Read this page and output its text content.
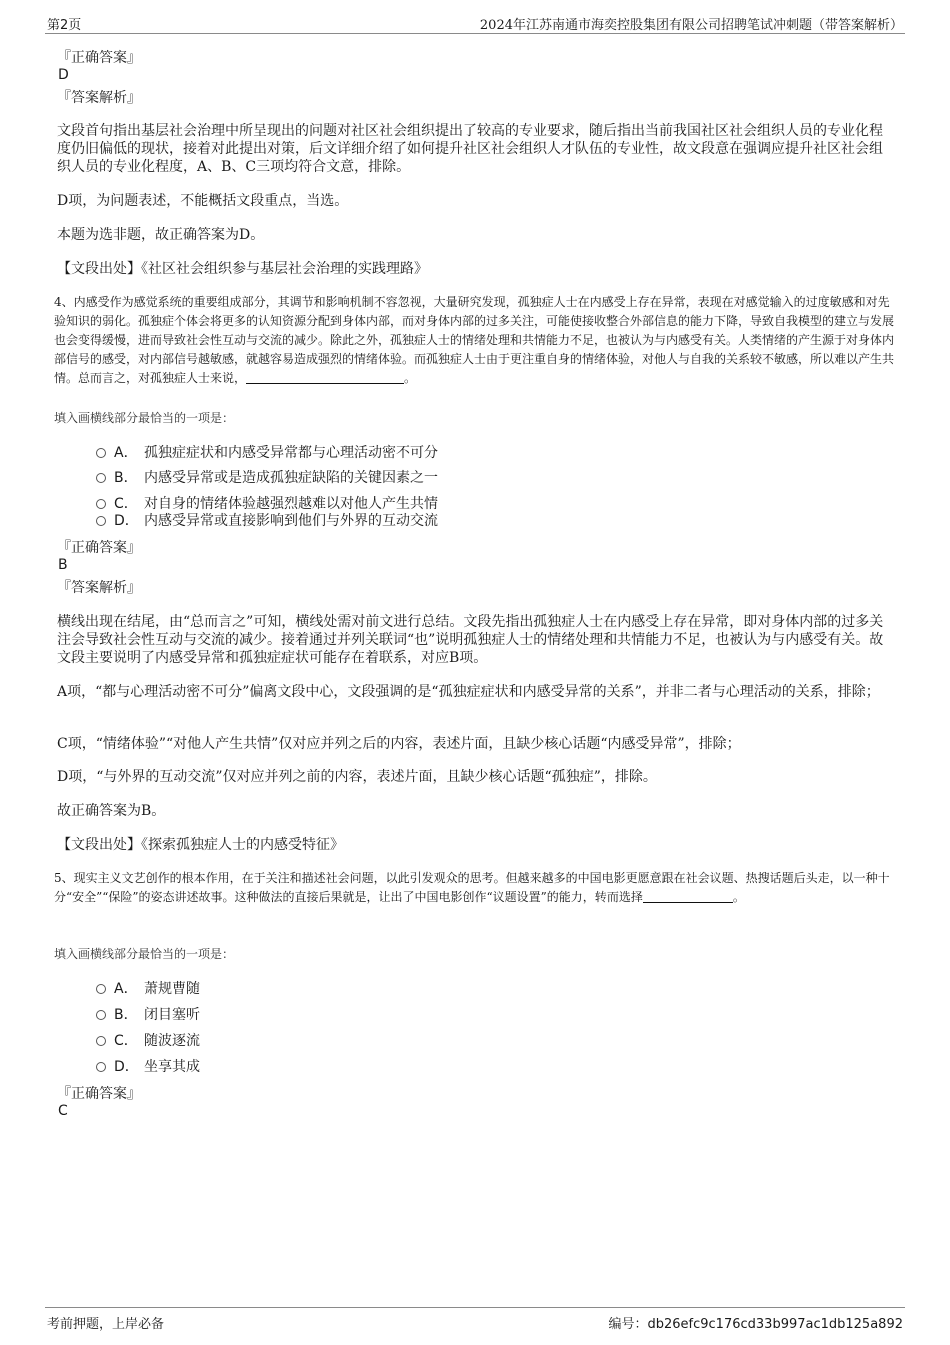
第2页	2024年江苏南通市海奕控股集团有限公司招聘笔试冲刺题（带答案解析）
『正确答案』
D
『答案解析』
文段首句指出基层社会治理中所呈现出的问题对社区社会组织提出了较高的专业要求，随后指出当前我国社区社会组织人员的专业化程度仍旧偏低的现状，接着对此提出对策，后文详细介绍了如何提升社区社会组织人才队伍的专业性，故文段意在强调应提升社区社会组织人员的专业化程度，A、B、C三项均符合文意，排除。
D项，为问题表述，不能概括文段重点，当选。
本题为选非题，故正确答案为D。
【文段出处】《社区社会组织参与基层社会治理的实践理路》
4、内感受作为感觉系统的重要组成部分，其调节和影响机制不容忽视，大量研究发现，孤独症人士在内感受上存在异常，表现在对感觉输入的过度敏感和对先验知识的弱化。孤独症个体会将更多的认知资源分配到身体内部，而对身体内部的过多关注，可能使接收整合外部信息的能力下降，导致自我模型的建立与发展也会变得缓慢，进而导致社会性互动与交流的减少。除此之外，孤独症人士的情绪处理和共情能力不足，也被认为与内感受有关。人类情绪的产生源于对身体内部信号的感受，对内部信号越敏感，就越容易造成强烈的情绪体验。而孤独症人士由于更注重自身的情绪体验，对他人与自我的关系较不敏感，所以难以产生共情。总而言之，对孤独症人士来说，	。
填入画横线部分最恰当的一项是：
A． 孤独症症状和内感受异常都与心理活动密不可分
B． 内感受异常或是造成孤独症缺陷的关键因素之一
C． 对自身的情绪体验越强烈越难以对他人产生共情
D． 内感受异常或直接影响到他们与外界的互动交流
『正确答案』
B
『答案解析』
横线出现在结尾，由“总而言之”可知，横线处需对前文进行总结。文段先指出孤独症人士在内感受上存在异常，即对身体内部的过多关注会导致社会性互动与交流的减少。接着通过并列关联词“也”说明孤独症人士的情绪处理和共情能力不足，也被认为与内感受有关。故文段主要说明了内感受异常和孤独症症状可能存在着联系，对应B项。
A项，“都与心理活动密不可分”偏离文段中心，文段强调的是“孤独症症状和内感受异常的关系”，并非二者与心理活动的关系，排除；
C项，“情绪体验”“对他人产生共情”仅对应并列之后的内容，表述片面，且缺少核心话题“内感受异常”，排除；
D项，“与外界的互动交流”仅对应并列之前的内容，表述片面，且缺少核心话题“孤独症”，排除。
故正确答案为B。
【文段出处】《探索孤独症人士的内感受特征》
5、现实主义文艺创作的根本作用，在于关注和描述社会问题，以此引发观众的思考。但越来越多的中国电影更愿意跟在社会议题、热搜话题后头走，以一种十分“安全”“保险”的姿态讲述故事。这种做法的直接后果就是，让出了中国电影创作“议题设置”的能力，转而选择	。
填入画横线部分最恰当的一项是：
A． 萧规曹随
B． 闭目塞听
C． 随波逐流
D． 坐享其成
『正确答案』
C
考前押题，上岸必备	编号：db26efc9c176cd33b997ac1db125a892
